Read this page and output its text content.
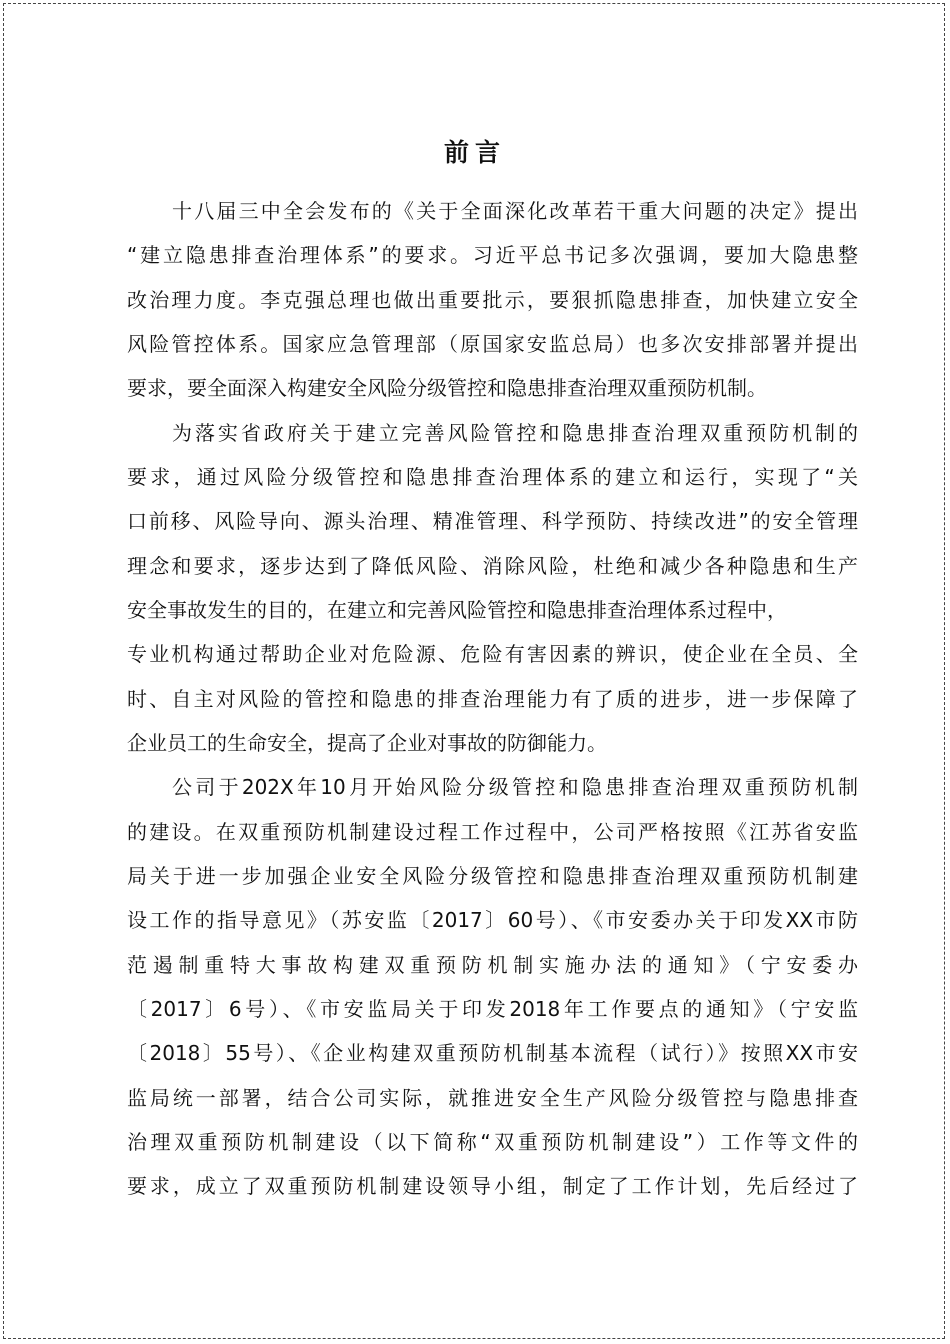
前言
十八届三中全会发布的《关于全面深化改革若干重大问题的决定》提出
“建立隐患排查治理体系”的要求。习近平总书记多次强调，要加大隐患整
改治理力度。李克强总理也做出重要批示，要狠抓隐患排查，加快建立安全
风险管控体系。国家应急管理部（原国家安监总局）也多次安排部署并提出
要求，要全面深入构建安全风险分级管控和隐患排查治理双重预防机制。
为落实省政府关于建立完善风险管控和隐患排查治理双重预防机制的
要求，通过风险分级管控和隐患排查治理体系的建立和运行，实现了“关
口前移、风险导向、源头治理、精准管理、科学预防、持续改进”的安全管理
理念和要求，逐步达到了降低风险、消除风险，杜绝和减少各种隐患和生产
安全事故发生的目的，在建立和完善风险管控和隐患排查治理体系过程中，
专业机构通过帮助企业对危险源、危险有害因素的辨识，使企业在全员、全
时、自主对风险的管控和隐患的排查治理能力有了质的进步，进一步保障了
企业员工的生命安全，提高了企业对事故的防御能力。
公司于202X年10月开始风险分级管控和隐患排查治理双重预防机制
的建设。在双重预防机制建设过程工作过程中，公司严格按照《江苏省安监
局关于进一步加强企业安全风险分级管控和隐患排查治理双重预防机制建
设工作的指导意见》（苏安监〔2017〕60号）、《市安委办关于印发XX市防
范遏制重特大事故构建双重预防机制实施办法的通知》（宁安委办
〔2017〕6号）、《市安监局关于印发2018年工作要点的通知》（宁安监
〔2018〕55号）、《企业构建双重预防机制基本流程（试行）》按照XX市安
监局统一部署，结合公司实际，就推进安全生产风险分级管控与隐患排查
治理双重预防机制建设（以下简称“双重预防机制建设”）工作等文件的
要求，成立了双重预防机制建设领导小组，制定了工作计划，先后经过了
